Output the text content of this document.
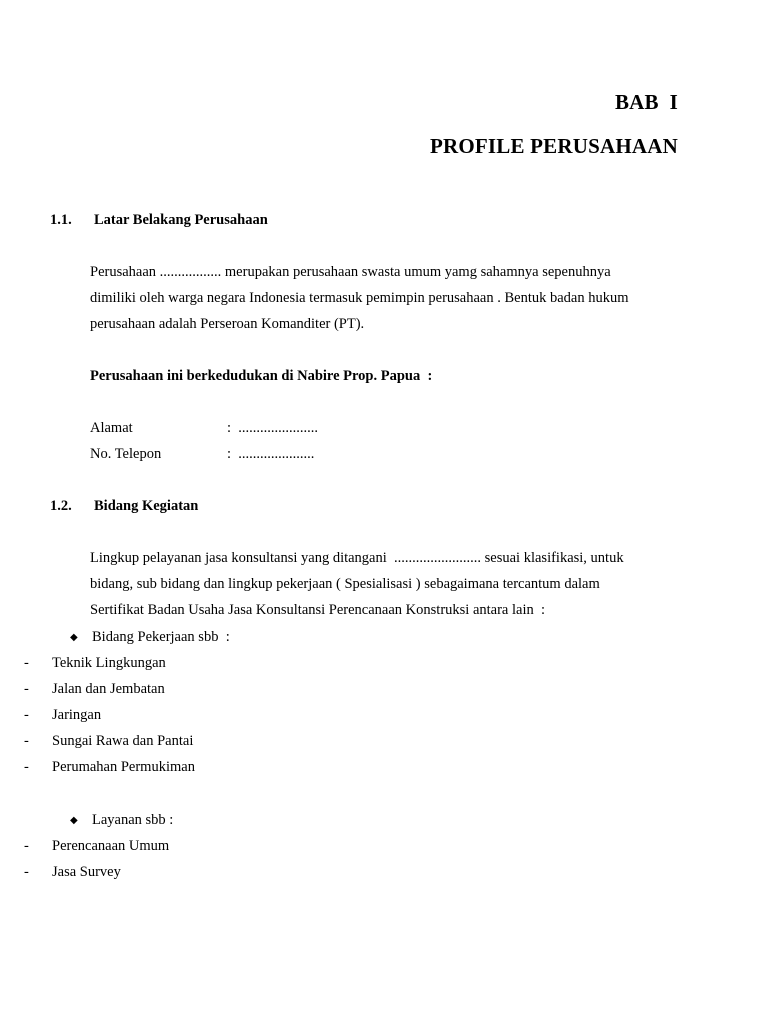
BAB  I
PROFILE PERUSAHAAN
1.1. Latar Belakang Perusahaan
Perusahaan ................. merupakan perusahaan swasta umum yamg sahamnya sepenuhnya
dimiliki oleh warga negara Indonesia termasuk pemimpin perusahaan . Bentuk badan hukum
perusahaan adalah Perseroan Komanditer (PT).
Perusahaan ini berkedudukan di Nabire Prop. Papua  :
Alamat	:  ......................
No. Telepon	:  .....................
1.2. Bidang Kegiatan
Lingkup pelayanan jasa konsultansi yang ditangani  ........................ sesuai klasifikasi, untuk
bidang, sub bidang dan lingkup pekerjaan ( Spesialisasi ) sebagaimana tercantum dalam
Sertifikat Badan Usaha Jasa Konsultansi Perencanaan Konstruksi antara lain  :
◆ Bidang Pekerjaan sbb  :
- Teknik Lingkungan
- Jalan dan Jembatan
- Jaringan
- Sungai Rawa dan Pantai
- Perumahan Permukiman
◆ Layanan sbb :
- Perencanaan Umum
- Jasa Survey
